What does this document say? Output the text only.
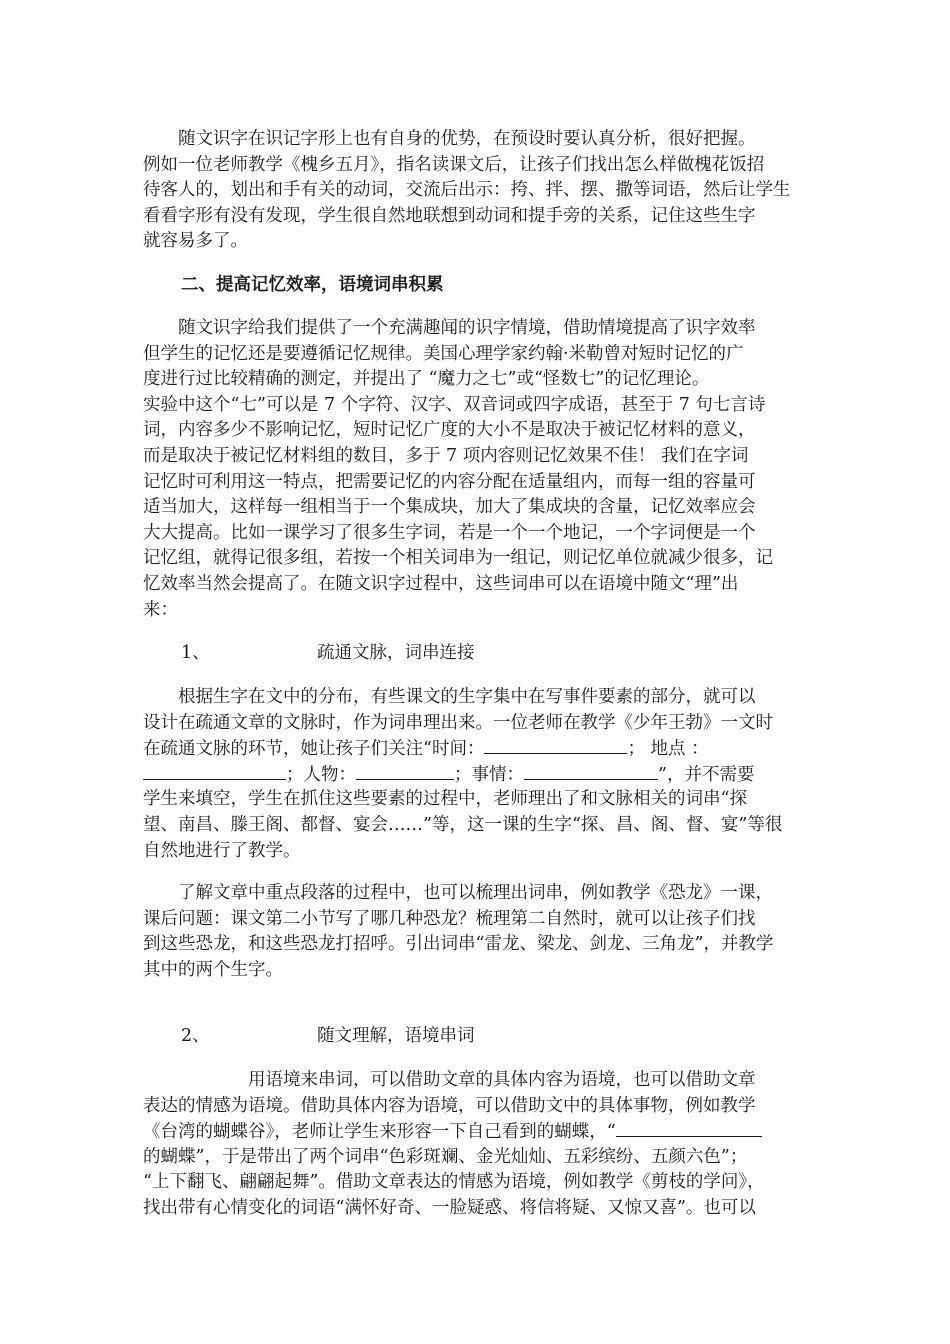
　　随文识字在识记字形上也有自身的优势，在预设时要认真分析，很好把握。
例如一位老师教学《槐乡五月》，指名读课文后，让孩子们找出怎么样做槐花饭招
待客人的，划出和手有关的动词，交流后出示：挎、拌、摆、撒等词语，然后让学生
看看字形有没有发现，学生很自然地联想到动词和提手旁的关系，记住这些生字
就容易多了。
二、提高记忆效率，语境词串积累
　　随文识字给我们提供了一个充满趣闻的识字情境，借助情境提高了识字效率
但学生的记忆还是要遵循记忆规律。美国心理学家约翰·米勒曾对短时记忆的广
度进行过比较精确的测定，并提出了 “魔力之七”或“怪数七”的记忆理论。
实验中这个“七”可以是 7 个字符、汉字、双音词或四字成语，甚至于 7 句七言诗
词，内容多少不影响记忆，短时记忆广度的大小不是取决于被记忆材料的意义，
而是取决于被记忆材料组的数目，多于 7 项内容则记忆效果不佳！ 我们在字词
记忆时可利用这一特点，把需要记忆的内容分配在适量组内，而每一组的容量可
适当加大，这样每一组相当于一个集成块，加大了集成块的含量，记忆效率应会
大大提高。比如一课学习了很多生字词，若是一个一个地记，一个字词便是一个
记忆组，就得记很多组，若按一个相关词串为一组记，则记忆单位就减少很多，记
忆效率当然会提高了。在随文识字过程中，这些词串可以在语境中随文“理”出
来：
1、	疏通文脉，词串连接
　　根据生字在文中的分布，有些课文的生字集中在写事件要素的部分，就可以
设计在疏通文章的文脉时，作为词串理出来。一位老师在教学《少年王勃》一文时
在疏通文脉的环节，她让孩子们关注“时间：	； 地点 ：
；人物：	；事情：	”，并不需要
学生来填空，学生在抓住这些要素的过程中，老师理出了和文脉相关的词串“探
望、南昌、滕王阁、都督、宴会……”等，这一课的生字“探、昌、阁、督、宴”等很
自然地进行了教学。
　　了解文章中重点段落的过程中，也可以梳理出词串，例如教学《恐龙》一课，
课后问题：课文第二小节写了哪几种恐龙？梳理第二自然时，就可以让孩子们找
到这些恐龙，和这些恐龙打招呼。引出词串“雷龙、梁龙、剑龙、三角龙”，并教学
其中的两个生字。
2、	随文理解，语境串词
　　　　　　用语境来串词，可以借助文章的具体内容为语境，也可以借助文章
表达的情感为语境。借助具体内容为语境，可以借助文中的具体事物，例如教学
《台湾的蝴蝶谷》，老师让学生来形容一下自己看到的蝴蝶，“
的蝴蝶”，于是带出了两个词串“色彩斑斓、金光灿灿、五彩缤纷、五颜六色”；
“上下翻飞、翩翩起舞”。借助文章表达的情感为语境，例如教学《剪枝的学问》，
找出带有心情变化的词语“满怀好奇、一脸疑惑、将信将疑、又惊又喜”。也可以
